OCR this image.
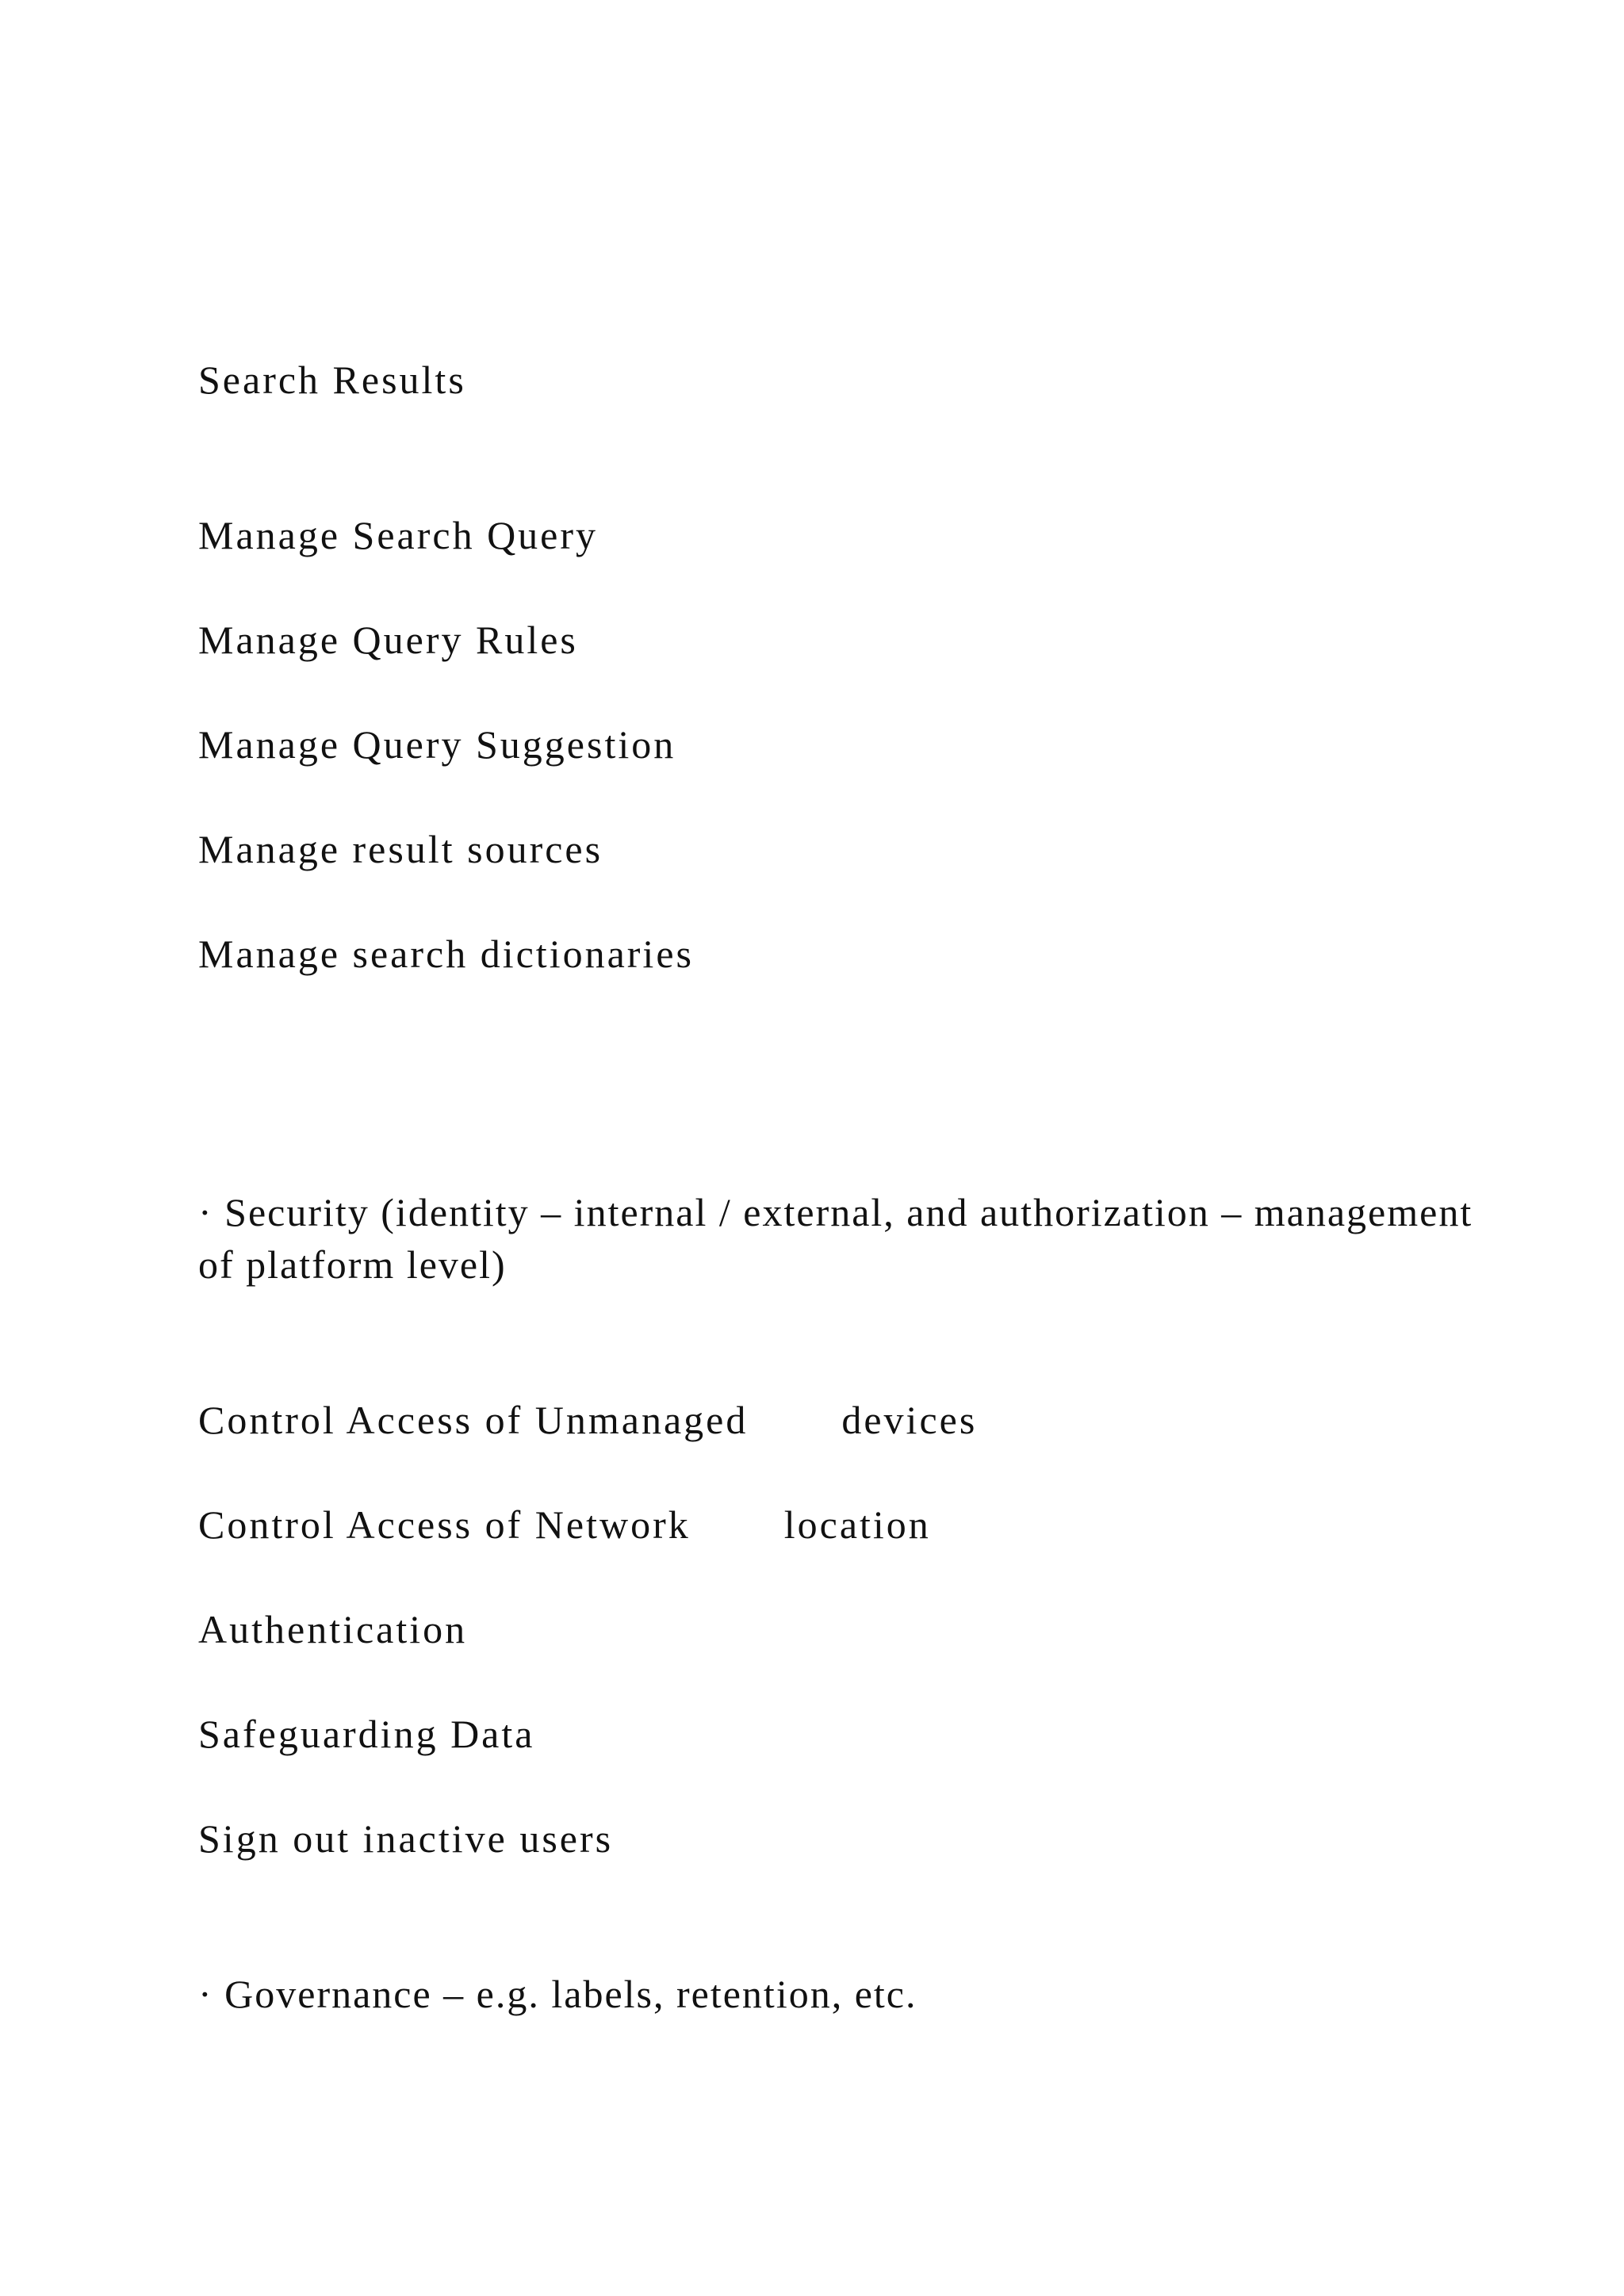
Search Results
Manage Search Query
Manage Query Rules
Manage Query Suggestion
Manage result sources
Manage search dictionaries
· Security (identity – internal / external, and authorization – management of platform level)
Control Access of Unmanaged devices
Control Access of Network location
Authentication
Safeguarding Data
Sign out inactive users
· Governance – e.g. labels, retention, etc.
